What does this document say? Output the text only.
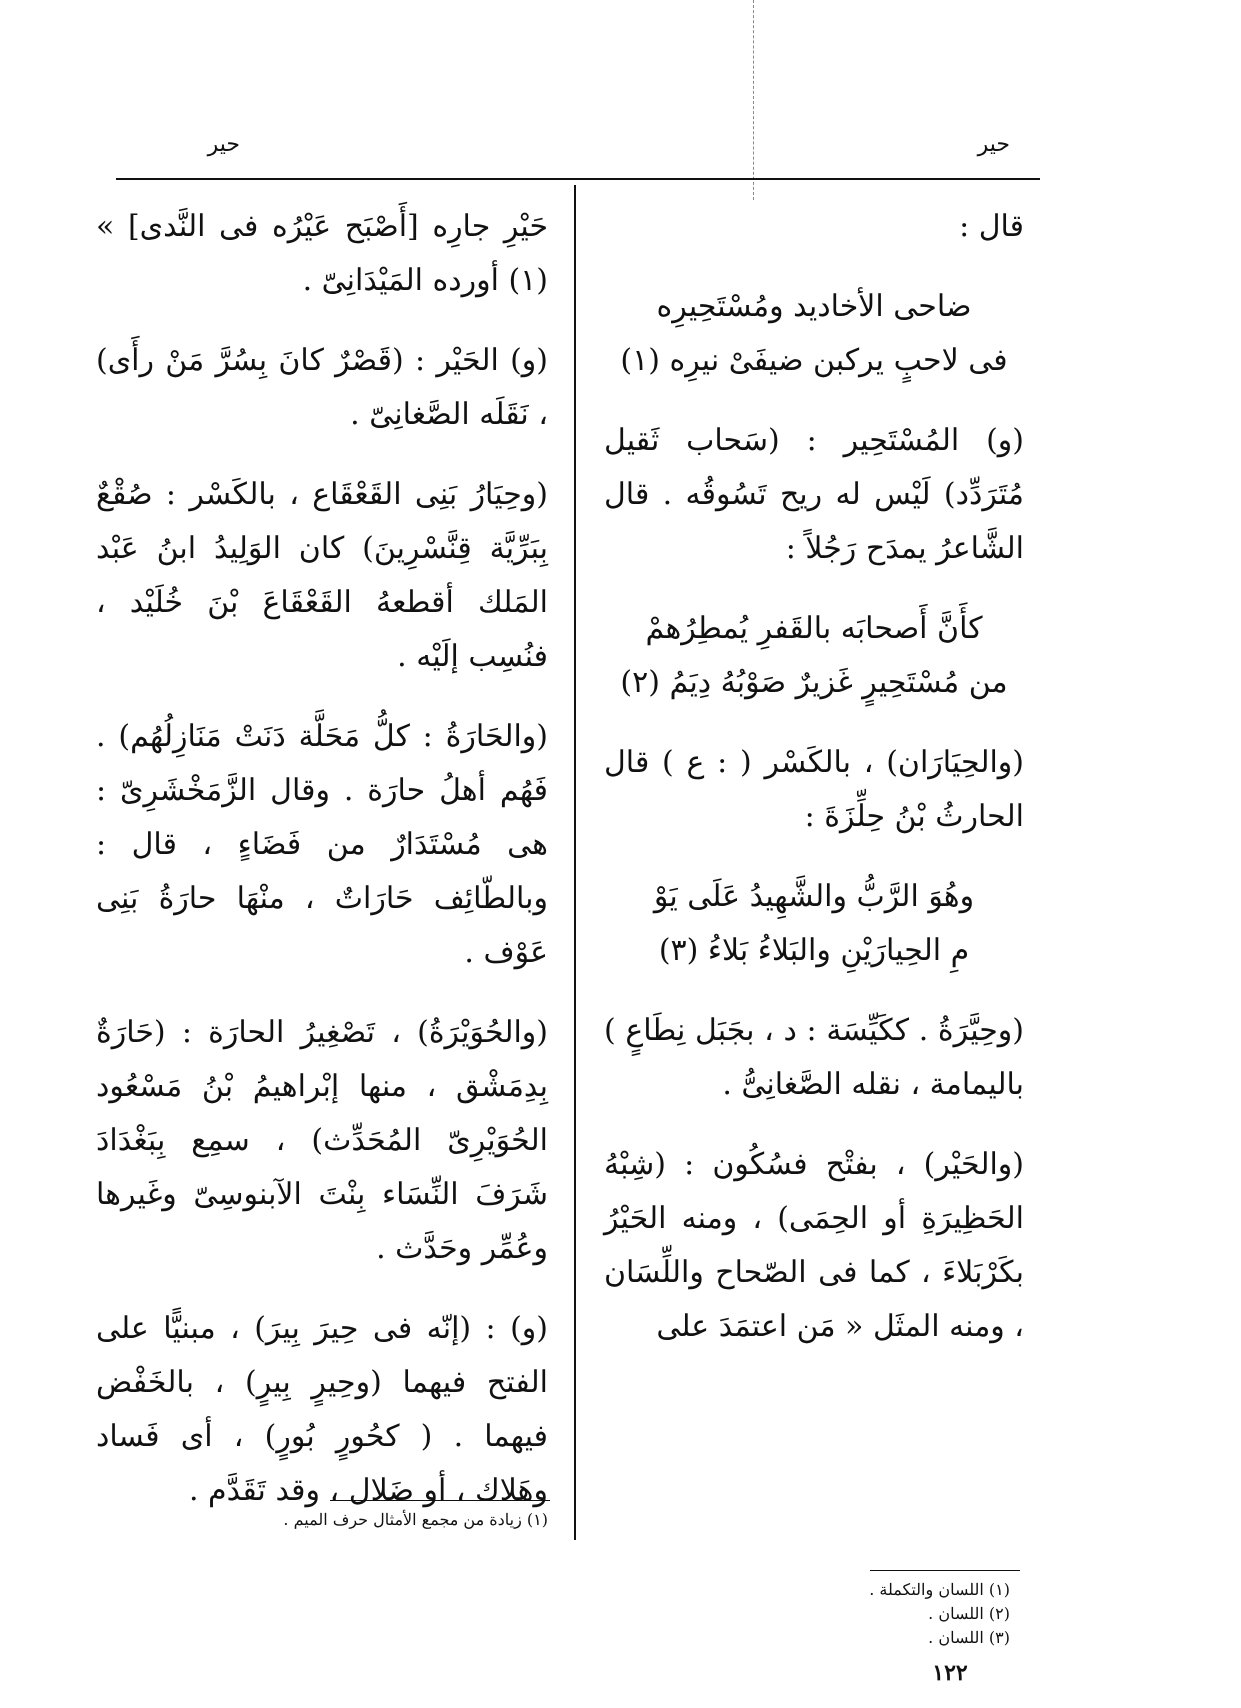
حير
حير

قال :

ضاحى الأخاديد ومُسْتَحِيرِه
فى لاحبٍ يركبن ضيفَىْ نيرِه (١)

(و) المُسْتَحِير : (سَحاب ثَقيل مُتَرَدِّد) لَيْس له ريح تَسُوقُه . قال الشَّاعرُ يمدَح رَجُلاً :

كأَنَّ أَصحابَه بالقَفرِ يُمطِرُهمْ
من مُسْتَحِيرٍ غَزيرٌ صَوْبُهُ دِيَمُ (٢)

(والحِيَارَان) ، بالكَسْر ( : ع ) قال الحارثُ بْنُ حِلِّزَةَ :

وهُوَ الرَّبُّ والشَّهِيدُ عَلَى يَوْ
مِ الحِيارَيْنِ والبَلاءُ بَلاءُ (٣)

(وحِيَّرَةُ . ككَيِّسَة : د ، بجَبَل نِطَاعٍ ) باليمامة ، نقله الصَّغانِىُّ .

(والحَيْر) ، بفتْح فسُكُون : (شِبْهُ الحَظِيرَةِ أو الحِمَى) ، ومنه الحَيْرُ بكَرْبَلاءَ ، كما فى الصّحاح واللِّسَان ، ومنه المثَل « مَن اعتمَدَ على

حَيْرِ جارِه [أَصْبَح عَيْرُه فى النَّدى] » (١) أورده المَيْدَانِىّ .

(و) الحَيْر : (قَصْرٌ كانَ بِسُرَّ مَنْ رأَى) ، نَقَلَه الصَّغانِىّ .

(وحِيَارُ بَنِى القَعْقَاع ، بالكَسْر : صُقْعٌ بِبَرِّيَّة قِنَّسْرِينَ) كان الوَلِيدُ ابنُ عَبْد المَلك أقطعهُ القَعْقَاعَ بْنَ خُلَيْد ، فنُسِب إلَيْه .

(والحَارَةُ : كلُّ مَحَلَّة دَنَتْ مَنَازِلُهُم) . فَهُم أهلُ حارَة . وقال الزَّمَخْشَرِىّ : هى مُسْتَدَارٌ من فَضَاءٍ ، قال : وبالطّائِف حَارَاتٌ ، منْهَا حارَةُ بَنِى عَوْف .

(والحُوَيْرَةُ) ، تَصْغِيرُ الحارَة : (حَارَةٌ بِدِمَشْق ، منها إبْراهيمُ بْنُ مَسْعُود الحُوَيْرِىّ المُحَدِّث) ، سمِع بِبَغْدَادَ شَرَفَ النِّسَاء بِنْتَ الآبنوسِىّ وغَيرها وعُمِّر وحَدَّث .

(و) : (إنّه فى حِيرَ بِيرَ) ، مبنيًّا على الفتح فيهما (وحِيرٍ بِيرٍ) ، بالخَفْض فيهما . ( كحُورٍ بُورٍ) ، أى فَساد وهَلاك ، أو ضَلال ، وقد تَقَدَّم .

(١) زيادة من مجمع الأمثال حرف الميم .

(١) اللسان والتكملة .

(٢) اللسان .

(٣) اللسان .

١٢٢
